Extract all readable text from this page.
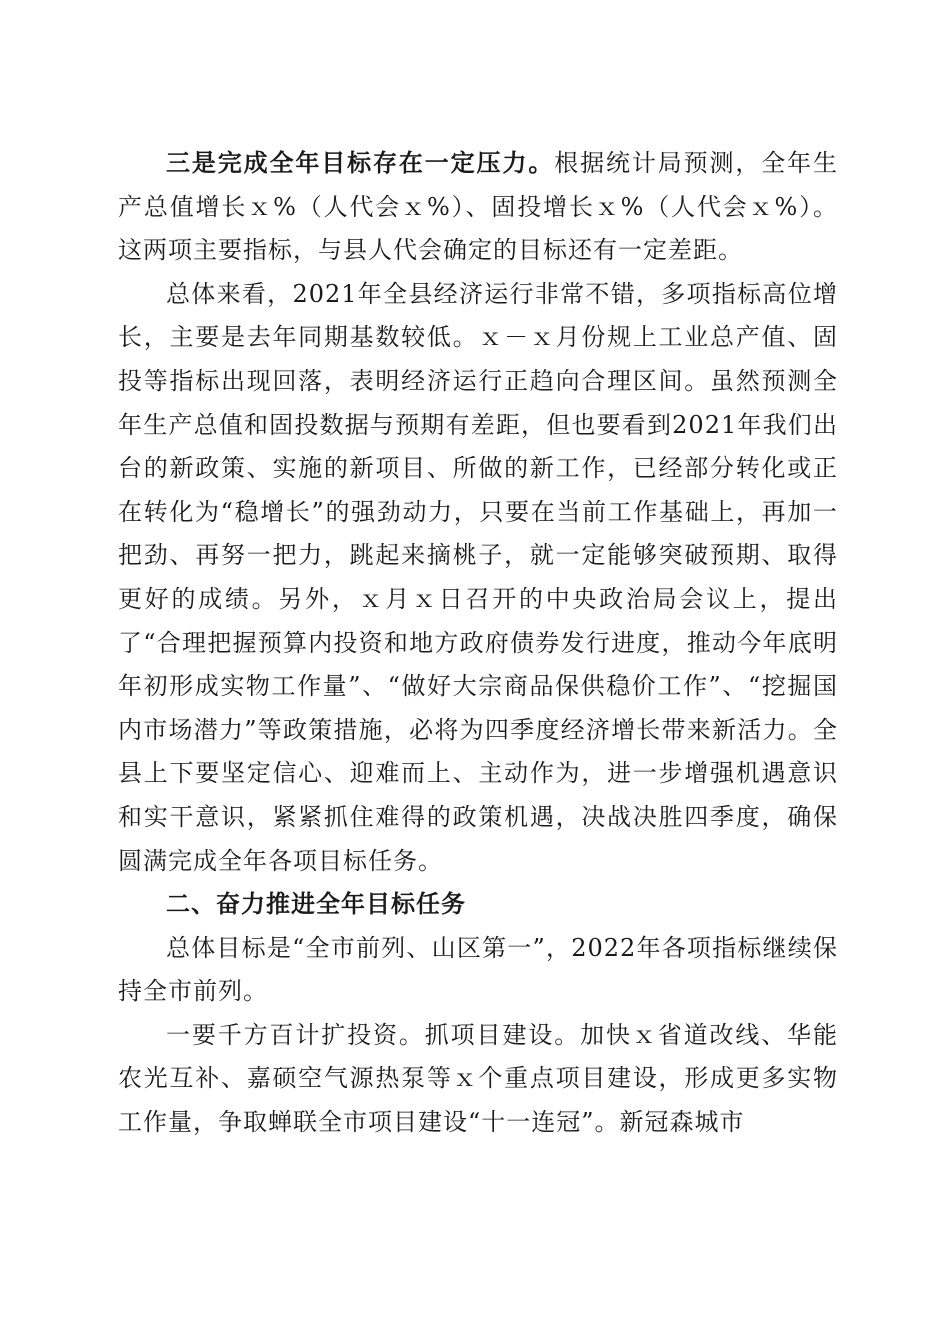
三是完成全年目标存在一定压力。根据统计局预测，全年生产总值增长ｘ%（人代会ｘ%）、固投增长ｘ%（人代会ｘ%）。这两项主要指标，与县人代会确定的目标还有一定差距。

总体来看，2021年全县经济运行非常不错，多项指标高位增长，主要是去年同期基数较低。ｘ－ｘ月份规上工业总产值、固投等指标出现回落，表明经济运行正趋向合理区间。虽然预测全年生产总值和固投数据与预期有差距，但也要看到2021年我们出台的新政策、实施的新项目、所做的新工作，已经部分转化或正在转化为“稳增长”的强劲动力，只要在当前工作基础上，再加一把劲、再努一把力，跳起来摘桃子，就一定能够突破预期、取得更好的成绩。另外，ｘ月ｘ日召开的中央政治局会议上，提出了“合理把握预算内投资和地方政府债券发行进度，推动今年底明年初形成实物工作量”、“做好大宗商品保供稳价工作”、“挖掘国内市场潜力”等政策措施，必将为四季度经济增长带来新活力。全县上下要坚定信心、迎难而上、主动作为，进一步增强机遇意识和实干意识，紧紧抓住难得的政策机遇，决战决胜四季度，确保圆满完成全年各项目标任务。

二、奋力推进全年目标任务

总体目标是“全市前列、山区第一”，2022年各项指标继续保持全市前列。

一要千方百计扩投资。抓项目建设。加快ｘ省道改线、华能农光互补、嘉硕空气源热泵等ｘ个重点项目建设，形成更多实物工作量，争取蝉联全市项目建设“十一连冠”。新冠森城市
